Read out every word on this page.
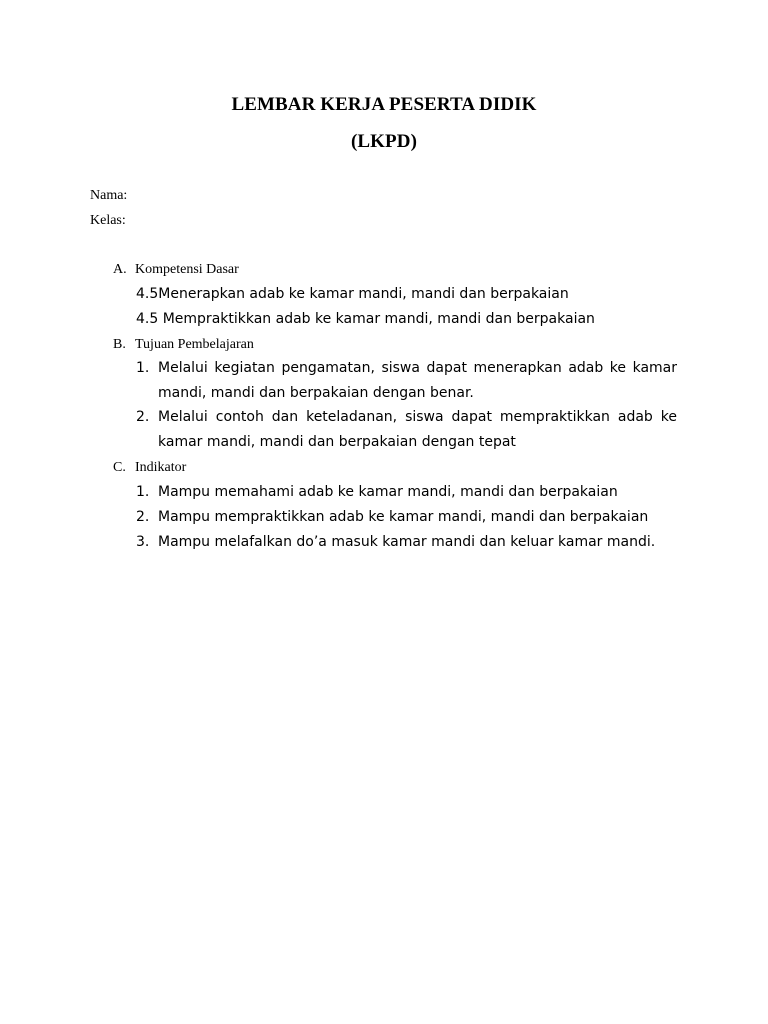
LEMBAR KERJA PESERTA DIDIK
(LKPD)
Nama:
Kelas:
A. Kompetensi Dasar
4.5Menerapkan adab ke kamar mandi, mandi dan berpakaian
4.5 Mempraktikkan adab ke kamar mandi, mandi dan berpakaian
B. Tujuan Pembelajaran
1. Melalui kegiatan pengamatan, siswa dapat menerapkan adab ke kamar mandi, mandi dan berpakaian dengan benar.
2. Melalui contoh dan keteladanan, siswa dapat mempraktikkan adab ke kamar mandi, mandi dan berpakaian dengan tepat
C. Indikator
1. Mampu memahami adab ke kamar mandi, mandi dan berpakaian
2. Mampu mempraktikkan adab ke kamar mandi, mandi dan berpakaian
3. Mampu melafalkan do’a masuk kamar mandi dan keluar kamar mandi.
